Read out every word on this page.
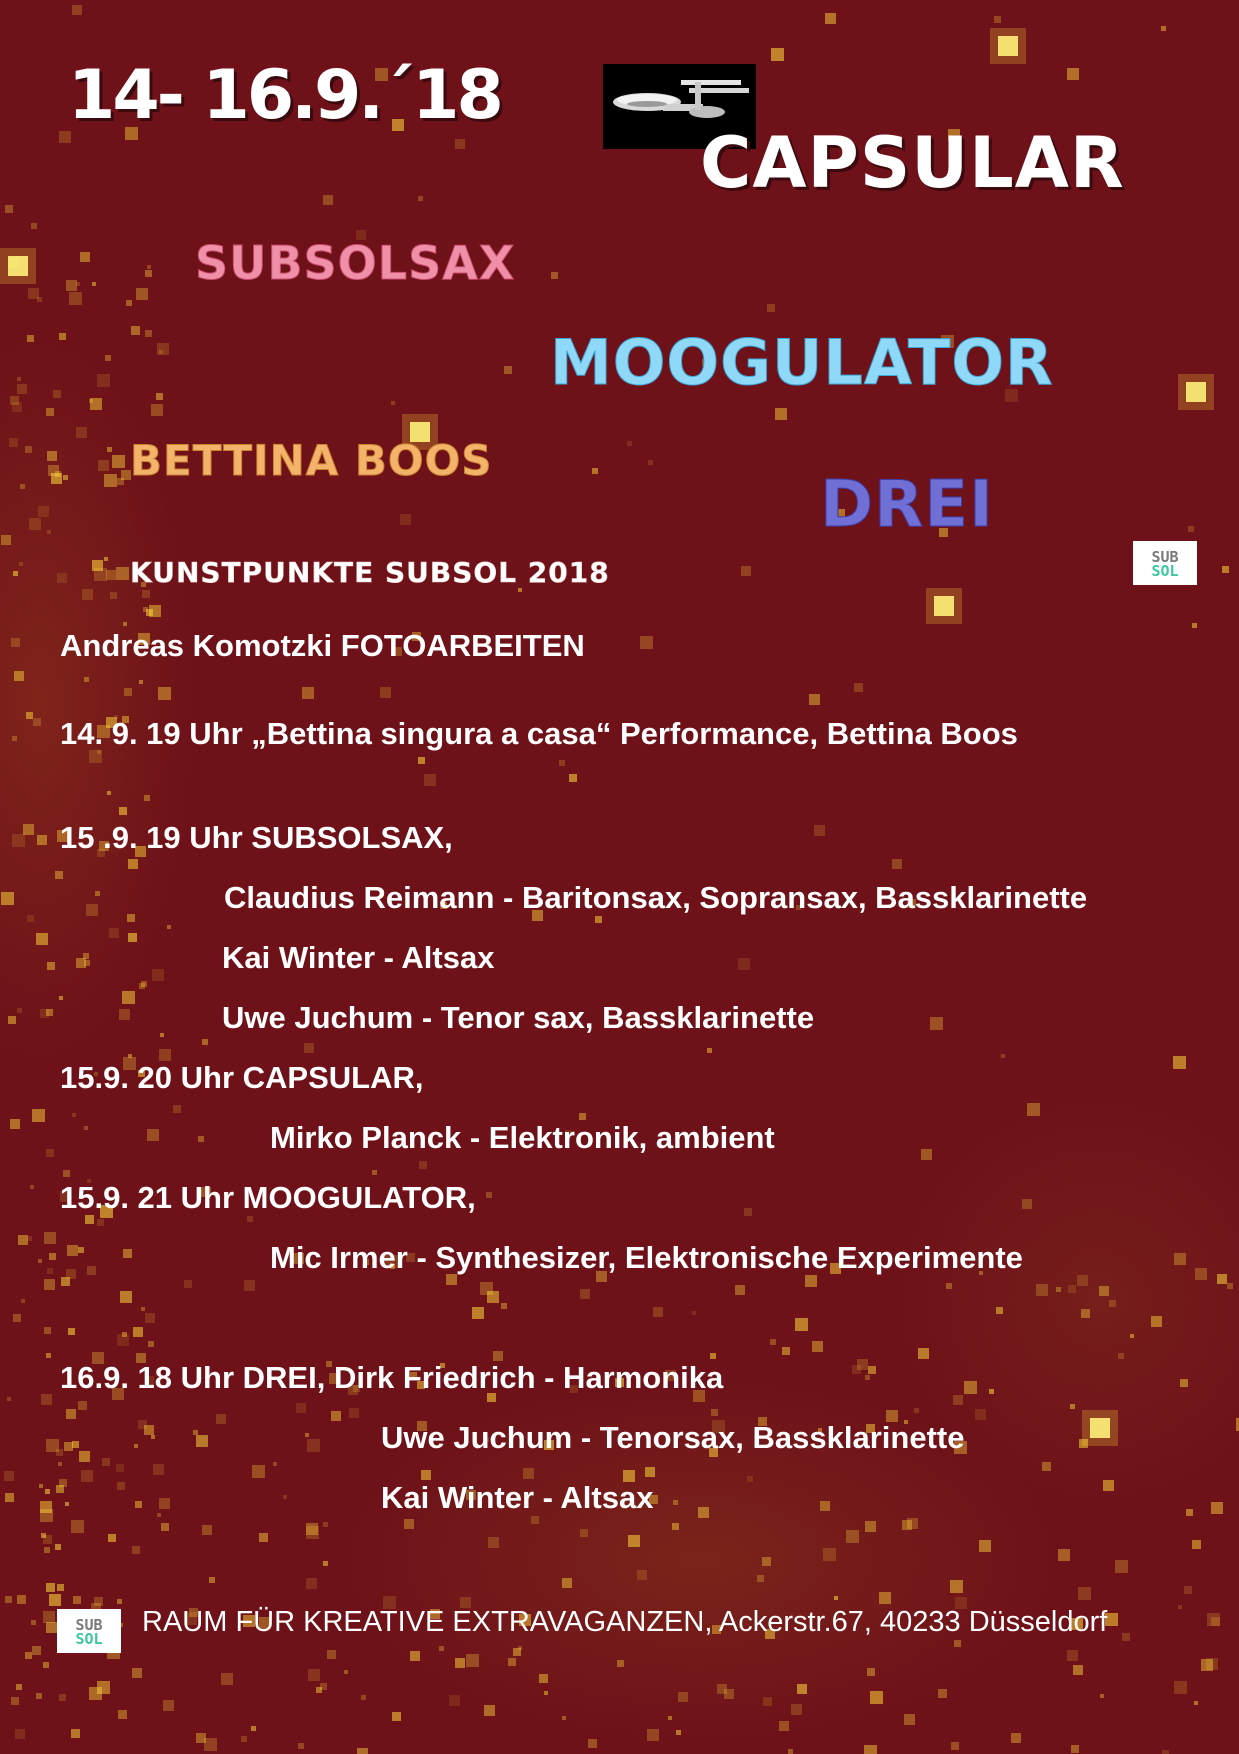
14- 16.9.´18
CAPSULAR
SUBSOLSAX
MOOGULATOR
BETTINA BOOS
DREI
KUNSTPUNKTE SUBSOL 2018	SUB
SOL
Andreas Komotzki FOTOARBEITEN
14. 9. 19 Uhr „Bettina singura a casa“ Performance, Bettina Boos
15 .9. 19 Uhr SUBSOLSAX,
Claudius Reimann - Baritonsax, Sopransax, Bassklarinette
Kai Winter - Altsax
Uwe Juchum - Tenor sax, Bassklarinette
15.9. 20 Uhr CAPSULAR,
Mirko Planck - Elektronik, ambient
15.9. 21 Uhr MOOGULATOR,
Mic Irmer - Synthesizer, Elektronische Experimente
16.9. 18 Uhr DREI, Dirk Friedrich - Harmonika
Uwe Juchum - Tenorsax, Bassklarinette
Kai Winter - Altsax
SUB
SOL
RAUM FÜR KREATIVE EXTRAVAGANZEN, Ackerstr.67, 40233 Düsseldorf
